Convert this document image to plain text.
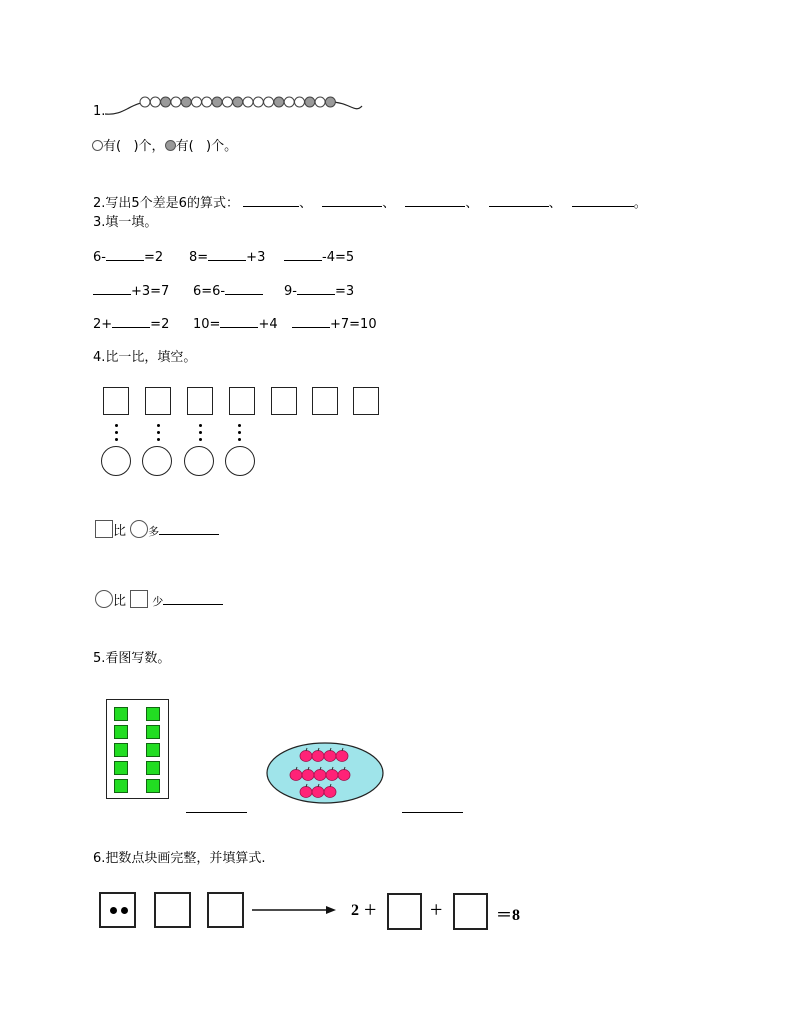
1.
有( )个， 有( )个。
2.写出5个差是6的算式：	、	、	、	、	。
3.填一填。
6-	=2 8=	+3	-4=5
+3=7 6=6-	9-	=3
2+	=2 10=	+4	+7=10
4.比一比，填空。
比 多
比 少
5.看图写数。
6.把数点块画完整，并填算式.
2 + +	＝8
